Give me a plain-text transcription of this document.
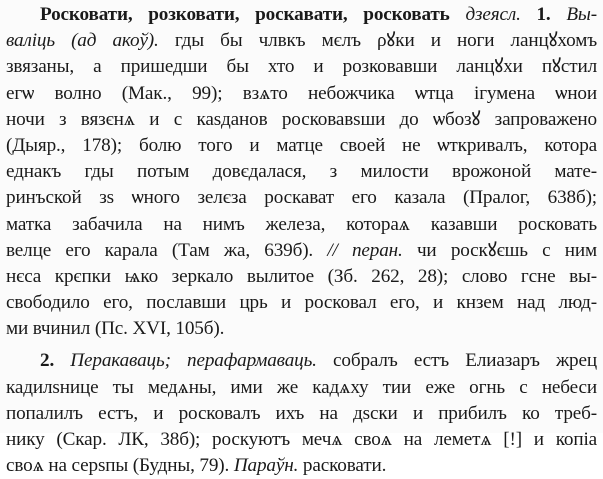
Росковати, розковати, роскавати, росковать дзеясл. 1. Вы-
валіць (ад акоў). гды бы члвкъ мєлъ ρꙋки и ноги ланцꙋхомъ
звязаны, а пришедши бы хто и розковавши ланцꙋхи пꙋстил
егѡ волно (Мак., 99); взѧто небожчика ѡтца ігумена ѡнои
ночи з вязєнѧ и с каѕданов росковавѕши до ѡбозꙋ запроважено
(Дыяр., 178); болю того и матце своей не ѡткривалъ, котора
еднакъ гды потым довєдалася, з милости врожоной мате-
ринъской зѕ ѡного зелєза роскават его казала (Пралог, 638б);
матка забачила на нимъ железа, котораѧ казавши росковать
велце его карала (Там жа, 639б). // перан. чи роскꙋєшь с ним
нєса крєпки ѩко зеркало вылитое (Зб. 262, 28); слово гсне вы-
свободило его, пославши црь и росковал его, и кнзем над люд-
ми вчинил (Пс. XVI, 105б).
2. Перакаваць; перафармаваць. собралъ естъ Елиазаръ жрец
кадилѕнице ты медѧны, ими же кадѧху тии еже огнь с небеси
попалилъ естъ, и росковалъ ихъ на дѕски и прибилъ ко треб-
нику (Скар. ЛК, 38б); роскуютъ мечѧ своѧ на леметѧ [!] и копіа
своѧ на серѕпы (Будны, 79). Параўн. расковати.
